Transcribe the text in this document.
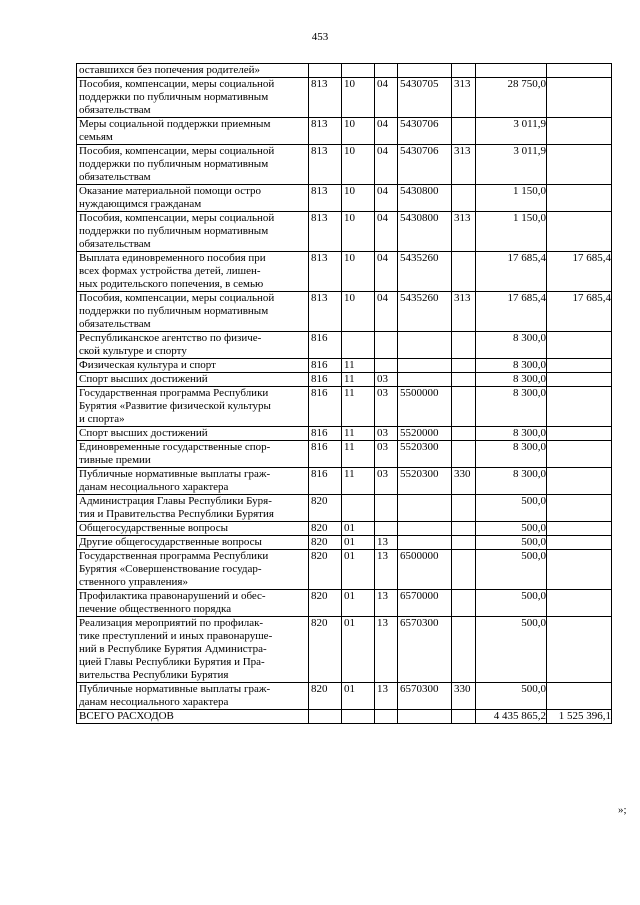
453
оставшихся без попечения родителей»							

Пособия, компенсации, меры социальной
поддержки по публичным нормативным
обязательствам	813	10	04	5430705	313	28 750,0	

Меры социальной поддержки приемным
семьям	813	10	04	5430706		3 011,9	

Пособия, компенсации, меры социальной
поддержки по публичным нормативным
обязательствам	813	10	04	5430706	313	3 011,9	

Оказание материальной помощи остро
нуждающимся гражданам	813	10	04	5430800		1 150,0	

Пособия, компенсации, меры социальной
поддержки по публичным нормативным
обязательствам	813	10	04	5430800	313	1 150,0	

Выплата единовременного пособия при
всех формах устройства детей, лишен-
ных родительского попечения, в семью	813	10	04	5435260		17 685,4	17 685,4

Пособия, компенсации, меры социальной
поддержки по публичным нормативным
обязательствам	813	10	04	5435260	313	17 685,4	17 685,4

Республиканское агентство по физиче-
ской культуре и спорту	816					8 300,0	

Физическая культура и спорт	816	11				8 300,0	

Спорт высших достижений	816	11	03			8 300,0	

Государственная программа Республики
Бурятия «Развитие физической культуры
и спорта»	816	11	03	5500000		8 300,0	

Спорт высших достижений	816	11	03	5520000		8 300,0	

Единовременные государственные спор-
тивные премии	816	11	03	5520300		8 300,0	

Публичные нормативные выплаты граж-
данам несоциального характера	816	11	03	5520300	330	8 300,0	

Администрация Главы Республики Буря-
тия и Правительства Республики Бурятия	820					500,0	

Общегосударственные вопросы	820	01				500,0	

Другие общегосударственные вопросы	820	01	13			500,0	

Государственная программа Республики
Бурятия «Совершенствование государ-
ственного управления»	820	01	13	6500000		500,0	

Профилактика правонарушений и обес-
печение общественного порядка	820	01	13	6570000		500,0	

Реализация мероприятий по профилак-
тике преступлений и иных правонаруше-
ний в Республике Бурятия Администра-
цией Главы Республики Бурятия и Пра-
вительства Республики Бурятия	820	01	13	6570300		500,0	

Публичные нормативные выплаты граж-
данам несоциального характера	820	01	13	6570300	330	500,0	

ВСЕГО РАСХОДОВ						4 435 865,2	1 525 396,1
»;
